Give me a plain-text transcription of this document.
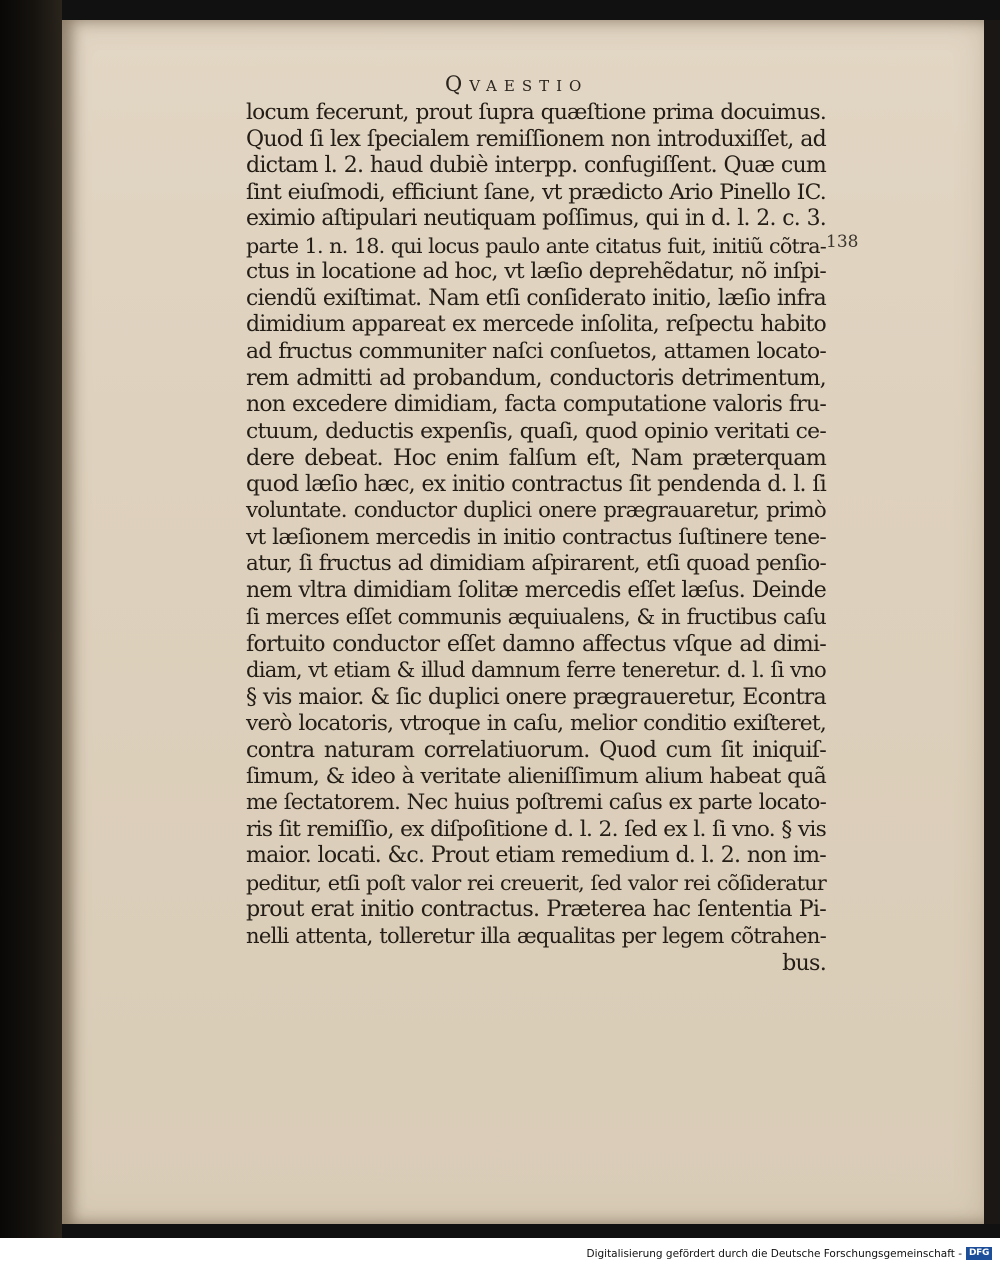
Qvaestio
138
locum fecerunt, prout ſupra quæſtione prima docuimus.
Quod ſi lex ſpecialem remiſſionem non introduxiſſet, ad
dictam l. 2. haud dubiè interpp. confugiſſent. Quæ cum
ſint eiuſmodi, efficiunt ſane, vt prædicto Ario Pinello IC.
eximio aſtipulari neutiquam poſſimus, qui in d. l. 2. c. 3.
parte 1. n. 18. qui locus paulo ante citatus fuit, initiũ cõtra-
ctus in locatione ad hoc, vt læſio deprehẽdatur, nõ inſpi-
ciendũ exiſtimat. Nam etſi conſiderato initio, læſio infra
dimidium appareat ex mercede inſolita, reſpectu habito
ad fructus communiter naſci conſuetos, attamen locato-
rem admitti ad probandum, conductoris detrimentum,
non excedere dimidiam, facta computatione valoris fru-
ctuum, deductis expenſis, quaſi, quod opinio veritati ce-
dere debeat. Hoc enim falſum eſt, Nam præterquam
quod læſio hæc, ex initio contractus ſit pendenda d. l. ſi
voluntate. conductor duplici onere prægrauaretur, primò
vt læſionem mercedis in initio contractus ſuſtinere tene-
atur, ſi fructus ad dimidiam aſpirarent, etſi quoad penſio-
nem vltra dimidiam ſolitæ mercedis eſſet læſus. Deinde
ſi merces eſſet communis æquiualens, & in fructibus caſu
fortuito conductor eſſet damno affectus vſque ad dimi-
diam, vt etiam & illud damnum ferre teneretur. d. l. ſi vno
§ vis maior. & ſic duplici onere prægraueretur, Econtra
verò locatoris, vtroque in caſu, melior conditio exiſteret,
contra naturam correlatiuorum. Quod cum ſit iniquiſ-
ſimum, & ideo à veritate alieniſſimum alium habeat quã
me ſectatorem. Nec huius poſtremi caſus ex parte locato-
ris ſit remiſſio, ex diſpoſitione d. l. 2. ſed ex l. ſi vno. § vis
maior. locati. &c. Prout etiam remedium d. l. 2. non im-
peditur, etſi poſt valor rei creuerit, ſed valor rei cõſideratur
prout erat initio contractus. Præterea hac ſententia Pi-
nelli attenta, tolleretur illa æqualitas per legem cõtrahen-
bus.
Digitalisierung gefördert durch die Deutsche Forschungsgemeinschaft - DFG
